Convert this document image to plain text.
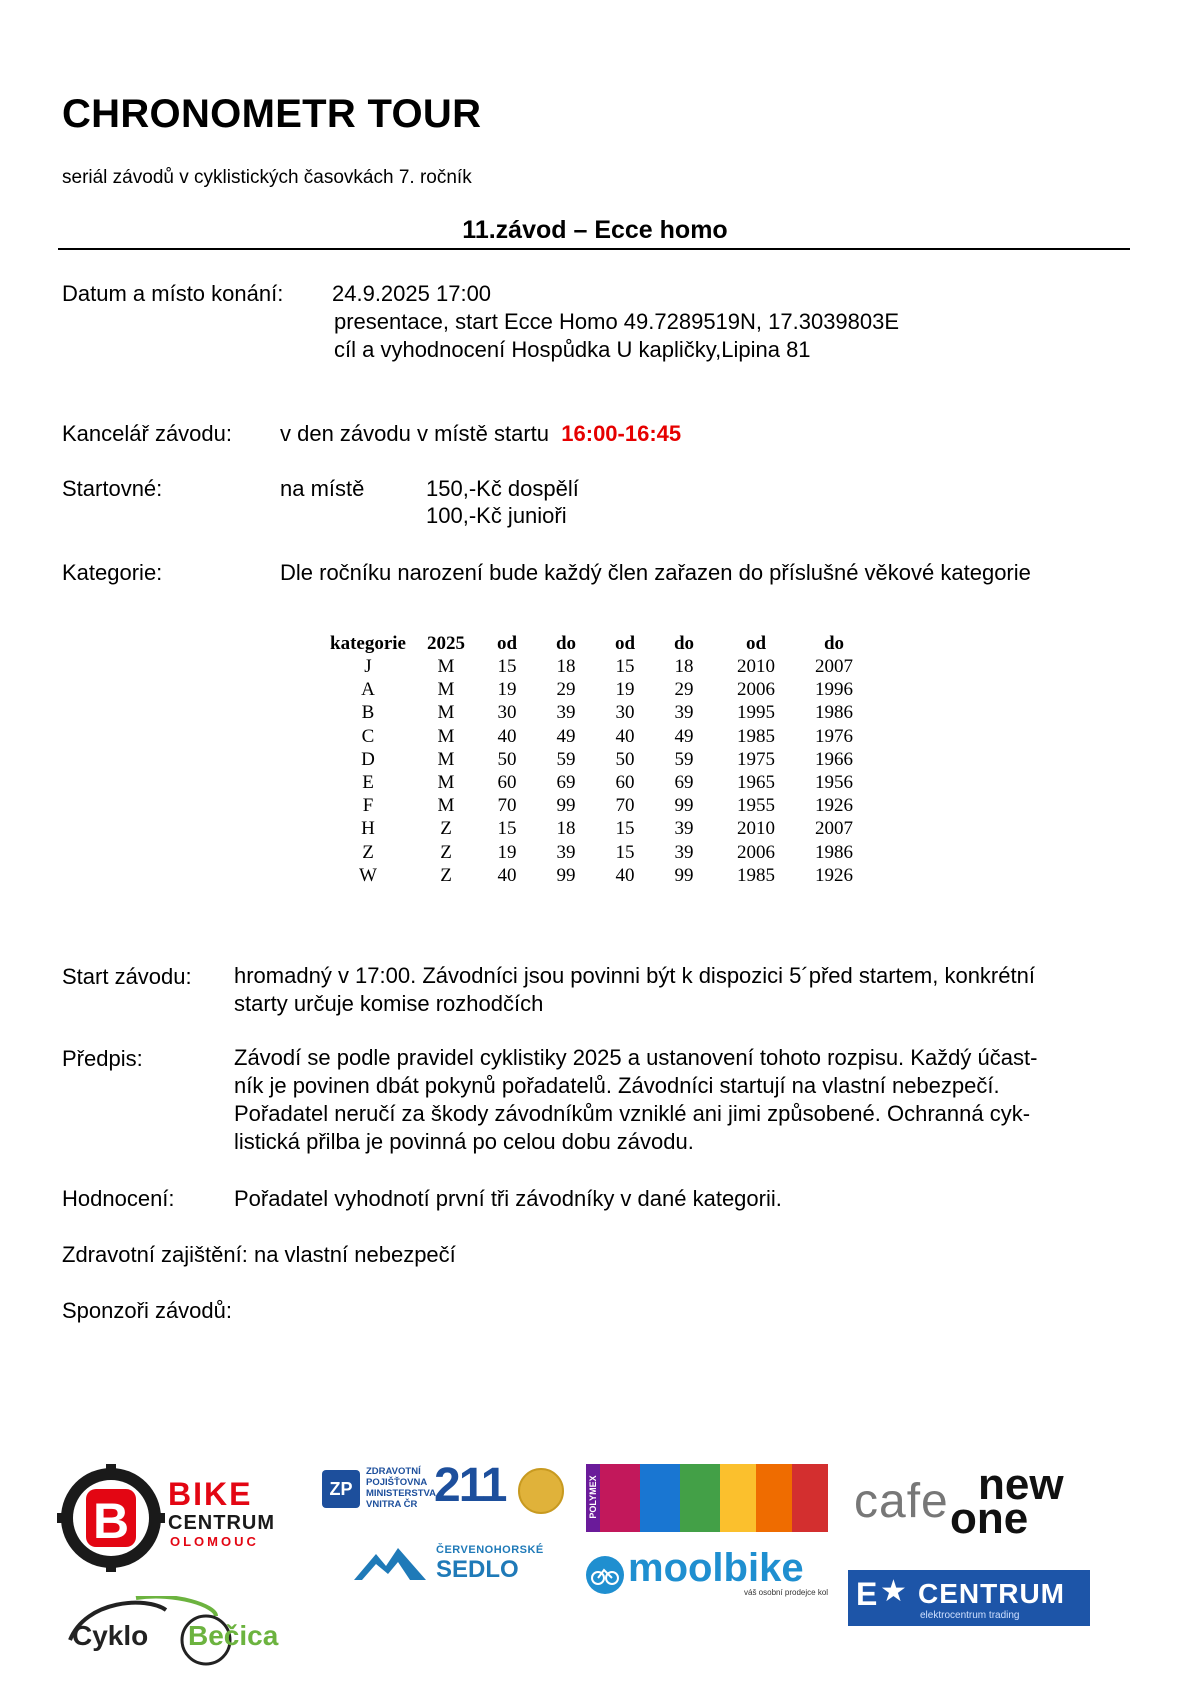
CHRONOMETR TOUR
seriál závodů v cyklistických časovkách 7. ročník
11.závod – Ecce homo
Datum a místo konání: 24.9.2025 17:00
presentace, start Ecce Homo 49.7289519N, 17.3039803E
cíl a vyhodnocení Hospůdka U kapličky,Lipina 81
Kancelář závodu: v den závodu v místě startu 16:00-16:45
Startovné:	na místě	150,-Kč dospělí
100,-Kč junioři
Kategorie:	Dle ročníku narození bude každý člen zařazen do příslušné věkové kategorie
kategorie	2025	od	do	od	do	od	do
J	M	15	18	15	18	2010	2007
A	M	19	29	19	29	2006	1996
B	M	30	39	30	39	1995	1986
C	M	40	49	40	49	1985	1976
D	M	50	59	50	59	1975	1966
E	M	60	69	60	69	1965	1956
F	M	70	99	70	99	1955	1926
H	Z	15	18	15	39	2010	2007
Z	Z	19	39	15	39	2006	1986
W	Z	40	99	40	99	1985	1926
Start závodu: hromadný v 17:00. Závodníci jsou povinni být k dispozici 5´před startem, konkrétní
starty určuje komise rozhodčích
Předpis:	Závodí se podle pravidel cyklistiky 2025 a ustanovení tohoto rozpisu. Každý účast-
ník je povinen dbát pokynů pořadatelů. Závodníci startují na vlastní nebezpečí.
Pořadatel neručí za škody závodníkům vzniklé ani jimi způsobené. Ochranná cyk-
listická přilba je povinná po celou dobu závodu.
Hodnocení:	Pořadatel vyhodnotí první tři závodníky v dané kategorii.
Zdravotní zajištění: na vlastní nebezpečí
Sponzoři závodů:
B BIKE
CENTRUM
OLOMOUC
ZP
ZDRAVOTNÍ
POJIŠŤOVNA
MINISTERSTVA
VNITRA ČR 211	POLYMEX	cafe new
one
ČERVENOHORSKÉ
SEDLO	moolbike
váš osobní prodejce kol E ★ CENTRUM
elektrocentrum trading
Cyklo Bečica
